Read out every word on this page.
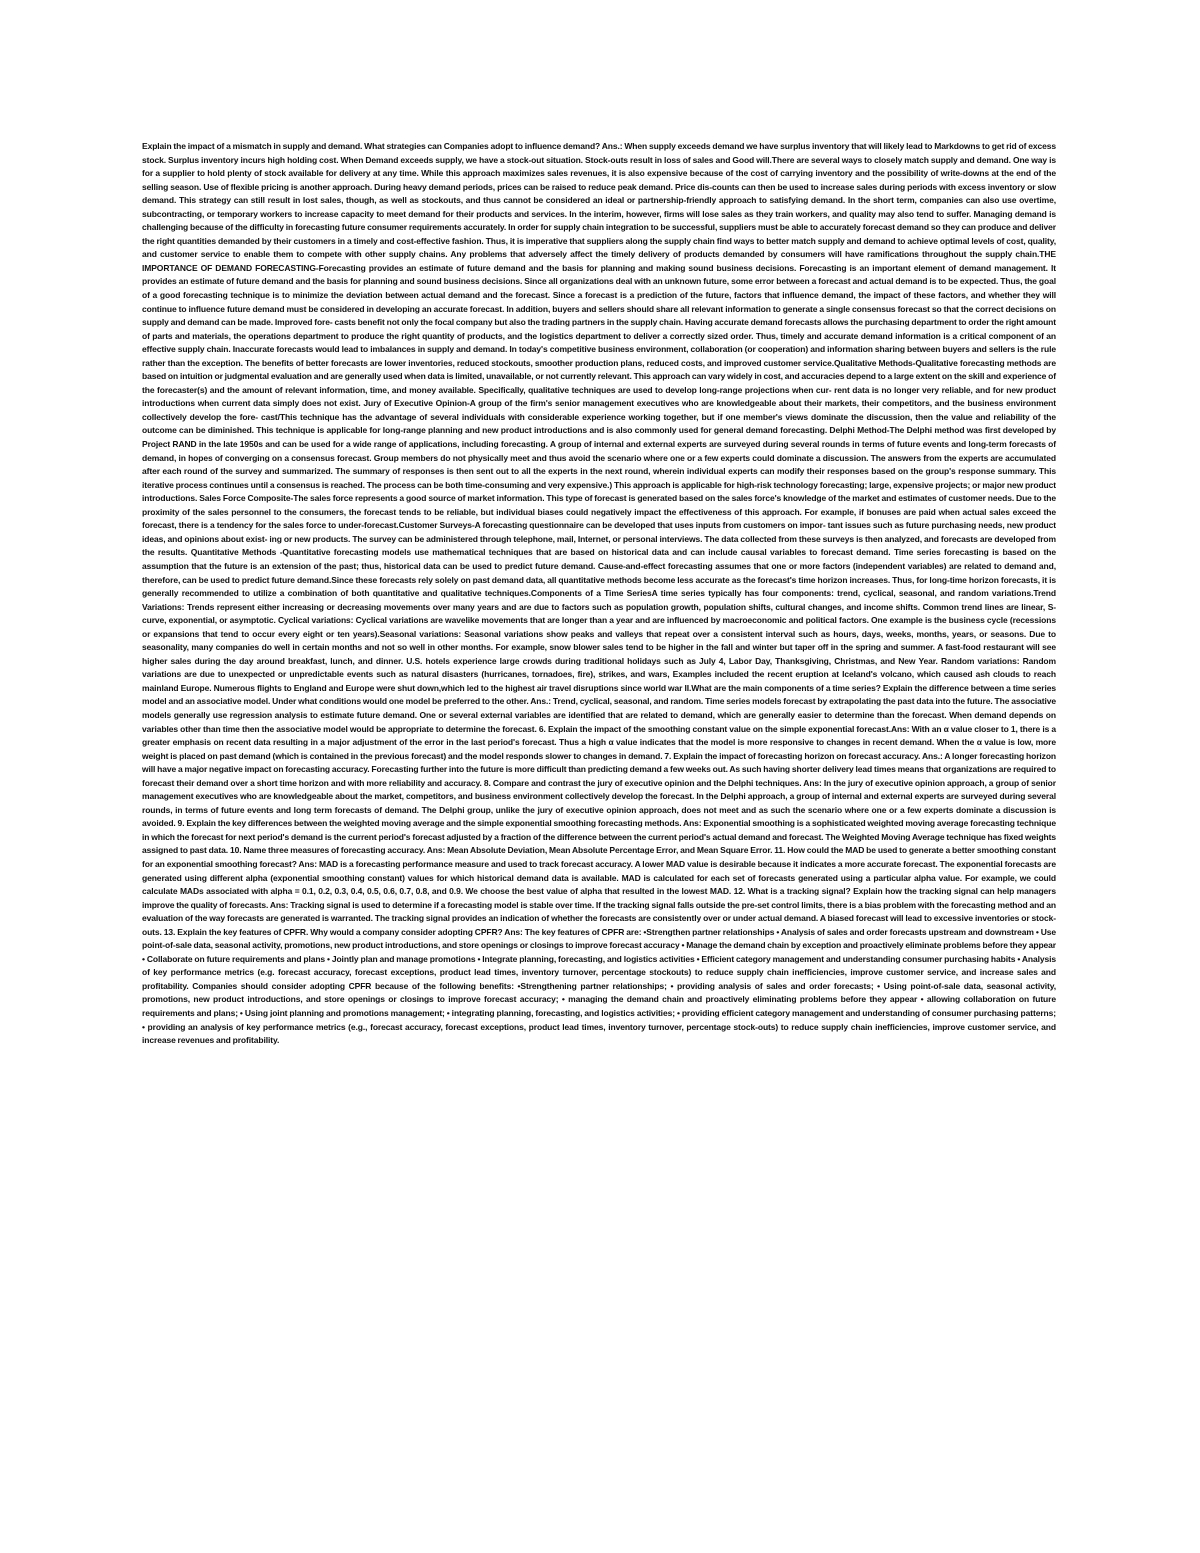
Explain the impact of a mismatch in supply and demand. What strategies can Companies adopt to influence demand? Ans.: When supply exceeds demand we have surplus inventory that will likely lead to Markdowns to get rid of excess stock. Surplus inventory incurs high holding cost. When Demand exceeds supply, we have a stock-out situation. Stock-outs result in loss of sales and Good will.There are several ways to closely match supply and demand. One way is for a supplier to hold plenty of stock available for delivery at any time. While this approach maximizes sales revenues, it is also expensive because of the cost of carrying inventory and the possibility of write-downs at the end of the selling season. Use of flexible pricing is another approach. During heavy demand periods, prices can be raised to reduce peak demand. Price dis-counts can then be used to increase sales during periods with excess inventory or slow demand. This strategy can still result in lost sales, though, as well as stockouts, and thus cannot be considered an ideal or partnership-friendly approach to satisfying demand. In the short term, companies can also use overtime, subcontracting, or temporary workers to increase capacity to meet demand for their products and services. In the interim, however, firms will lose sales as they train workers, and quality may also tend to suffer. Managing demand is challenging because of the difficulty in forecasting future consumer requirements accurately. In order for supply chain integration to be successful, suppliers must be able to accurately forecast demand so they can produce and deliver the right quantities demanded by their customers in a timely and cost-effective fashion. Thus, it is imperative that suppliers along the supply chain find ways to better match supply and demand to achieve optimal levels of cost, quality, and customer service to enable them to compete with other supply chains. Any problems that adversely affect the timely delivery of products demanded by consumers will have ramifications throughout the supply chain.THE IMPORTANCE OF DEMAND FORECASTING-Forecasting provides an estimate of future demand and the basis for planning and making sound business decisions. Forecasting is an important element of demand management. It provides an estimate of future demand and the basis for planning and sound business decisions. Since all organizations deal with an unknown future, some error between a forecast and actual demand is to be expected. Thus, the goal of a good forecasting technique is to minimize the deviation between actual demand and the forecast. Since a forecast is a prediction of the future, factors that influence demand, the impact of these factors, and whether they will continue to influence future demand must be considered in developing an accurate forecast. In addition, buyers and sellers should share all relevant information to generate a single consensus forecast so that the correct decisions on supply and demand can be made. Improved fore- casts benefit not only the focal company but also the trading partners in the supply chain. Having accurate demand forecasts allows the purchasing department to order the right amount of parts and materials, the operations department to produce the right quantity of products, and the logistics department to deliver a correctly sized order. Thus, timely and accurate demand information is a critical component of an effective supply chain. Inaccurate forecasts would lead to imbalances in supply and demand. In today's competitive business environment, collaboration (or cooperation) and information sharing between buyers and sellers is the rule rather than the exception. The benefits of better forecasts are lower inventories, reduced stockouts, smoother production plans, reduced costs, and improved customer service.Qualitative Methods-Qualitative forecasting methods are based on intuition or judgmental evaluation and are generally used when data is limited, unavailable, or not currently relevant. This approach can vary widely in cost, and accuracies depend to a large extent on the skill and experience of the forecaster(s) and the amount of relevant information, time, and money available. Specifically, qualitative techniques are used to develop long-range projections when cur- rent data is no longer very reliable, and for new product introductions when current data simply does not exist. Jury of Executive Opinion-A group of the firm's senior management executives who are knowledgeable about their markets, their competitors, and the business environment collectively develop the fore- cast/This technique has the advantage of several individuals with considerable experience working together, but if one member's views dominate the discussion, then the value and reliability of the outcome can be diminished. This technique is applicable for long-range planning and new product introductions and is also commonly used for general demand forecasting. Delphi Method-The Delphi method was first developed by Project RAND in the late 1950s and can be used for a wide range of applications, including forecasting. A group of internal and external experts are surveyed during several rounds in terms of future events and long-term forecasts of demand, in hopes of converging on a consensus forecast. Group members do not physically meet and thus avoid the scenario where one or a few experts could dominate a discussion. The answers from the experts are accumulated after each round of the survey and summarized. The summary of responses is then sent out to all the experts in the next round, wherein individual experts can modify their responses based on the group's response summary. This iterative process continues until a consensus is reached. The process can be both time-consuming and very expensive.) This approach is applicable for high-risk technology forecasting; large, expensive projects; or major new product introductions. Sales Force Composite-The sales force represents a good source of market information. This type of forecast is generated based on the sales force's knowledge of the market and estimates of customer needs. Due to the proximity of the sales personnel to the consumers, the forecast tends to be reliable, but individual biases could negatively impact the effectiveness of this approach. For example, if bonuses are paid when actual sales exceed the forecast, there is a tendency for the sales force to under-forecast.Customer Surveys-A forecasting questionnaire can be developed that uses inputs from customers on impor- tant issues such as future purchasing needs, new product ideas, and opinions about exist- ing or new products. The survey can be administered through telephone, mail, Internet, or personal interviews. The data collected from these surveys is then analyzed, and forecasts are developed from the results. Quantitative Methods -Quantitative forecasting models use mathematical techniques that are based on historical data and can include causal variables to forecast demand. Time series forecasting is based on the assumption that the future is an extension of the past; thus, historical data can be used to predict future demand. Cause-and-effect forecasting assumes that one or more factors (independent variables) are related to demand and, therefore, can be used to predict future demand.Since these forecasts rely solely on past demand data, all quantitative methods become less accurate as the forecast's time horizon increases. Thus, for long-time horizon forecasts, it is generally recommended to utilize a combination of both quantitative and qualitative techniques.Components of a Time SeriesA time series typically has four components: trend, cyclical, seasonal, and random variations.Trend Variations: Trends represent either increasing or decreasing movements over many years and are due to factors such as population growth, population shifts, cultural changes, and income shifts. Common trend lines are linear, S-curve, exponential, or asymptotic. Cyclical variations: Cyclical variations are wavelike movements that are longer than a year and are influenced by macroeconomic and political factors. One example is the business cycle (recessions or expansions that tend to occur every eight or ten years).Seasonal variations: Seasonal variations show peaks and valleys that repeat over a consistent interval such as hours, days, weeks, months, years, or seasons. Due to seasonality, many companies do well in certain months and not so well in other months. For example, snow blower sales tend to be higher in the fall and winter but taper off in the spring and summer. A fast-food restaurant will see higher sales during the day around breakfast, lunch, and dinner. U.S. hotels experience large crowds during traditional holidays such as July 4, Labor Day, Thanksgiving, Christmas, and New Year. Random variations: Random variations are due to unexpected or unpredictable events such as natural disasters (hurricanes, tornadoes, fire), strikes, and wars, Examples included the recent eruption at Iceland's volcano, which caused ash clouds to reach mainland Europe. Numerous flights to England and Europe were shut down,which led to the highest air travel disruptions since world war II.What are the main components of a time series? Explain the difference between a time series model and an associative model. Under what conditions would one model be preferred to the other. Ans.: Trend, cyclical, seasonal, and random. Time series models forecast by extrapolating the past data into the future. The associative models generally use regression analysis to estimate future demand. One or several external variables are identified that are related to demand, which are generally easier to determine than the forecast. When demand depends on variables other than time then the associative model would be appropriate to determine the forecast. 6. Explain the impact of the smoothing constant value on the simple exponential forecast.Ans: With an α value closer to 1, there is a greater emphasis on recent data resulting in a major adjustment of the error in the last period's forecast. Thus a high α value indicates that the model is more responsive to changes in recent demand. When the α value is low, more weight is placed on past demand (which is contained in the previous forecast) and the model responds slower to changes in demand. 7. Explain the impact of forecasting horizon on forecast accuracy. Ans.: A longer forecasting horizon will have a major negative impact on forecasting accuracy. Forecasting further into the future is more difficult than predicting demand a few weeks out. As such having shorter delivery lead times means that organizations are required to forecast their demand over a short time horizon and with more reliability and accuracy. 8. Compare and contrast the jury of executive opinion and the Delphi techniques. Ans: In the jury of executive opinion approach, a group of senior management executives who are knowledgeable about the market, competitors, and business environment collectively develop the forecast. In the Delphi approach, a group of internal and external experts are surveyed during several rounds, in terms of future events and long term forecasts of demand. The Delphi group, unlike the jury of executive opinion approach, does not meet and as such the scenario where one or a few experts dominate a discussion is avoided. 9. Explain the key differences between the weighted moving average and the simple exponential smoothing forecasting methods. Ans: Exponential smoothing is a sophisticated weighted moving average forecasting technique in which the forecast for next period's demand is the current period's forecast adjusted by a fraction of the difference between the current period's actual demand and forecast. The Weighted Moving Average technique has fixed weights assigned to past data. 10. Name three measures of forecasting accuracy. Ans: Mean Absolute Deviation, Mean Absolute Percentage Error, and Mean Square Error. 11. How could the MAD be used to generate a better smoothing constant for an exponential smoothing forecast? Ans: MAD is a forecasting performance measure and used to track forecast accuracy. A lower MAD value is desirable because it indicates a more accurate forecast. The exponential forecasts are generated using different alpha (exponential smoothing constant) values for which historical demand data is available. MAD is calculated for each set of forecasts generated using a particular alpha value. For example, we could calculate MADs associated with alpha = 0.1, 0.2, 0.3, 0.4, 0.5, 0.6, 0.7, 0.8, and 0.9. We choose the best value of alpha that resulted in the lowest MAD. 12. What is a tracking signal? Explain how the tracking signal can help managers improve the quality of forecasts. Ans: Tracking signal is used to determine if a forecasting model is stable over time. If the tracking signal falls outside the pre-set control limits, there is a bias problem with the forecasting method and an evaluation of the way forecasts are generated is warranted. The tracking signal provides an indication of whether the forecasts are consistently over or under actual demand. A biased forecast will lead to excessive inventories or stock-outs. 13. Explain the key features of CPFR. Why would a company consider adopting CPFR? Ans: The key features of CPFR are: •Strengthen partner relationships • Analysis of sales and order forecasts upstream and downstream • Use point-of-sale data, seasonal activity, promotions, new product introductions, and store openings or closings to improve forecast accuracy • Manage the demand chain by exception and proactively eliminate problems before they appear • Collaborate on future requirements and plans • Jointly plan and manage promotions • Integrate planning, forecasting, and logistics activities • Efficient category management and understanding consumer purchasing habits • Analysis of key performance metrics (e.g. forecast accuracy, forecast exceptions, product lead times, inventory turnover, percentage stockouts) to reduce supply chain inefficiencies, improve customer service, and increase sales and profitability. Companies should consider adopting CPFR because of the following benefits: •Strengthening partner relationships; • providing analysis of sales and order forecasts; • Using point-of-sale data, seasonal activity, promotions, new product introductions, and store openings or closings to improve forecast accuracy; • managing the demand chain and proactively eliminating problems before they appear • allowing collaboration on future requirements and plans; • Using joint planning and promotions management; • integrating planning, forecasting, and logistics activities; • providing efficient category management and understanding of consumer purchasing patterns; • providing an analysis of key performance metrics (e.g., forecast accuracy, forecast exceptions, product lead times, inventory turnover, percentage stock-outs) to reduce supply chain inefficiencies, improve customer service, and increase revenues and profitability.
